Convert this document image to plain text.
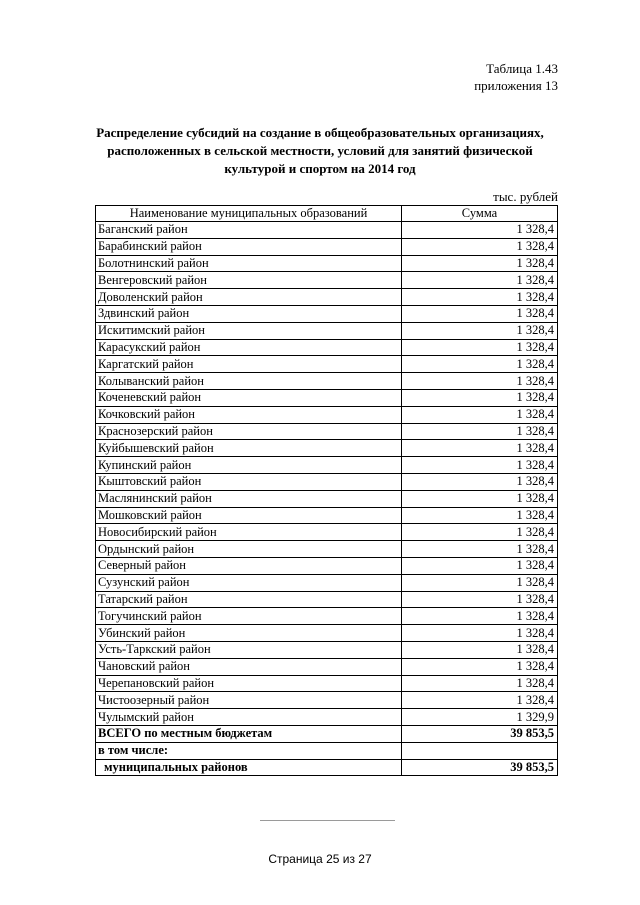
Таблица 1.43
приложения 13
Распределение субсидий на создание в общеобразовательных организациях,
расположенных в сельской местности, условий для занятий физической
культурой и спортом на 2014 год
тыс. рублей
Наименование муниципальных образований	Сумма
Баганский район	1 328,4
Барабинский район	1 328,4
Болотнинский район	1 328,4
Венгеровский район	1 328,4
Доволенский район	1 328,4
Здвинский район	1 328,4
Искитимский район	1 328,4
Карасукский район	1 328,4
Каргатский район	1 328,4
Колыванский район	1 328,4
Коченевский район	1 328,4
Кочковский район	1 328,4
Краснозерский район	1 328,4
Куйбышевский район	1 328,4
Купинский район	1 328,4
Кыштовский район	1 328,4
Маслянинский район	1 328,4
Мошковский район	1 328,4
Новосибирский район	1 328,4
Ордынский район	1 328,4
Северный район	1 328,4
Сузунский район	1 328,4
Татарский район	1 328,4
Тогучинский район	1 328,4
Убинский район	1 328,4
Усть-Таркский район	1 328,4
Чановский район	1 328,4
Черепановский район	1 328,4
Чистоозерный район	1 328,4
Чулымский район	1 329,9
ВСЕГО по местным бюджетам	39 853,5
в том числе:	
муниципальных районов	39 853,5
Страница 25 из 27
